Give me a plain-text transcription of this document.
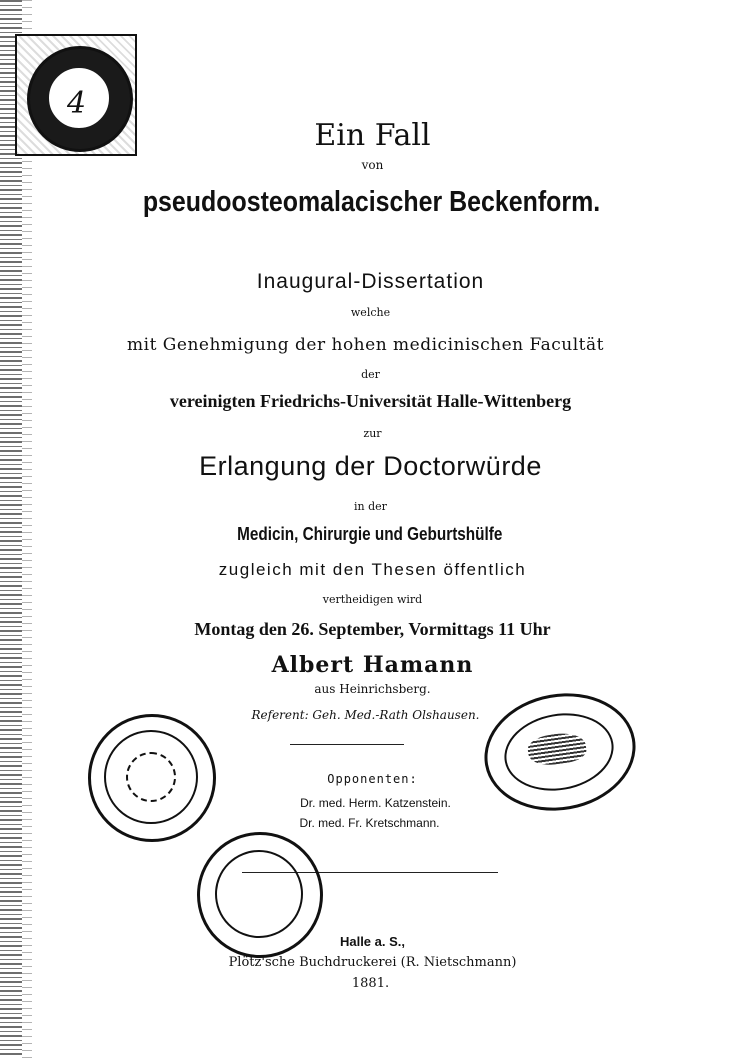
4
Ein Fall
von
pseudoosteomalacischer Beckenform.
Inaugural-Dissertation
welche
mit Genehmigung der hohen medicinischen Facultät
der
vereinigten Friedrichs-Universität Halle-Wittenberg
zur
Erlangung der Doctorwürde
in der
Medicin, Chirurgie und Geburtshülfe
zugleich mit den Thesen öffentlich
vertheidigen wird
Montag den 26. September, Vormittags 11 Uhr
Albert Hamann
aus Heinrichsberg.
Referent: Geh. Med.-Rath Olshausen.
Opponenten:
Dr. med. Herm. Katzenstein.
Dr. med. Fr. Kretschmann.
Halle a. S.,
Plötz'sche Buchdruckerei (R. Nietschmann)
1881.
